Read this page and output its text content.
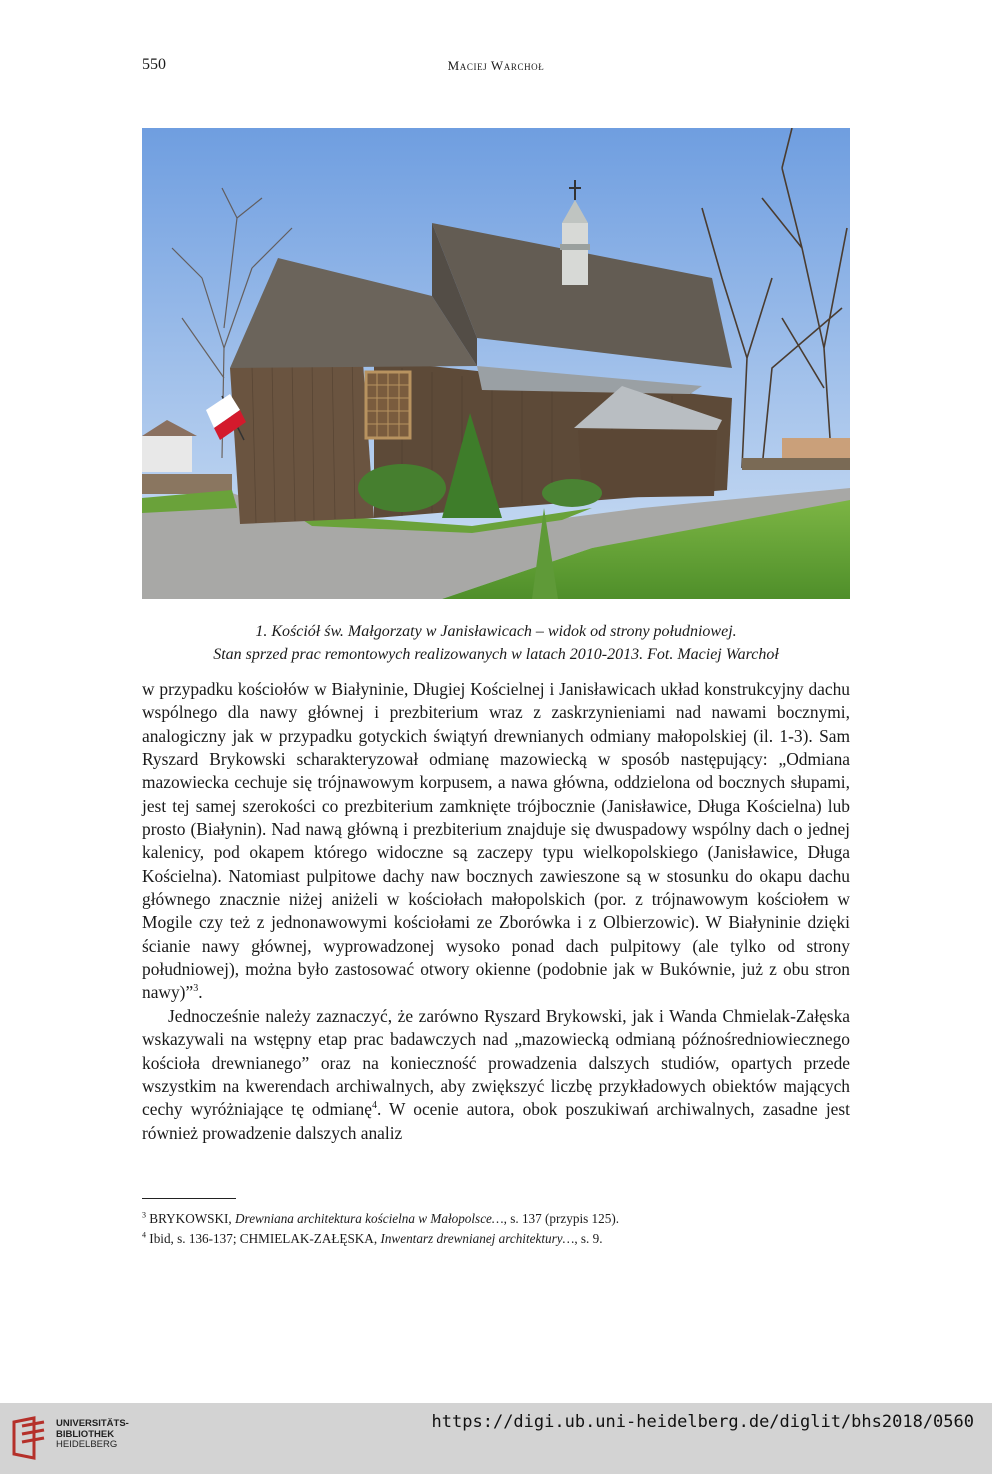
550	Maciej Warchoł
1. Kościół św. Małgorzaty w Janisławicach – widok od strony południowej.
Stan sprzed prac remontowych realizowanych w latach 2010-2013. Fot. Maciej Warchoł

w przypadku kościołów w Białyninie, Długiej Kościelnej i Janisławicach układ konstrukcyjny dachu wspólnego dla nawy głównej i prezbiterium wraz z zaskrzynieniami nad nawami bocznymi, analogiczny jak w przypadku gotyckich świątyń drewnianych odmiany małopolskiej (il. 1-3). Sam Ryszard Brykowski scharakteryzował odmianę mazowiecką w sposób następujący: „Odmiana mazowiecka cechuje się trójnawowym korpusem, a nawa główna, oddzielona od bocznych słupami, jest tej samej szerokości co prezbiterium zamknięte trójbocznie (Janisławice, Długa Kościelna) lub prosto (Białynin). Nad nawą główną i prezbiterium znajduje się dwuspadowy wspólny dach o jednej kalenicy, pod okapem którego widoczne są zaczepy typu wielkopolskiego (Janisławice, Długa Kościelna). Natomiast pulpitowe dachy naw bocznych zawieszone są w stosunku do okapu dachu głównego znacznie niżej aniżeli w kościołach małopolskich (por. z trójnawowym kościołem w Mogile czy też z jednonawowymi kościołami ze Zborówka i z Olbierzowic). W Białyninie dzięki ścianie nawy głównej, wyprowadzonej wysoko ponad dach pulpitowy (ale tylko od strony południowej), można było zastosować otwory okienne (podobnie jak w Bukównie, już z obu stron nawy)”$^3$.

Jednocześnie należy zaznaczyć, że zarówno Ryszard Brykowski, jak i Wanda Chmielak-Załęska wskazywali na wstępny etap prac badawczych nad „mazowiecką odmianą późnośredniowiecznego kościoła drewnianego” oraz na konieczność prowadzenia dalszych studiów, opartych przede wszystkim na kwerendach archiwalnych, aby zwiększyć liczbę przykładowych obiektów mających cechy wyróżniające tę odmianę$^4$. W ocenie autora, obok poszukiwań archiwalnych, zasadne jest również prowadzenie dalszych analiz

$^3$ BRYKOWSKI, Drewniana architektura kościelna w Małopolsce…, s. 137 (przypis 125).

$^4$ Ibid, s. 136-137; CHMIELAK-ZAŁĘSKA, Inwentarz drewnianej architektury…, s. 9.

UNIVERSITÄTS-
BIBLIOTHEK
HEIDELBERG
https://digi.ub.uni-heidelberg.de/diglit/bhs2018/0560
